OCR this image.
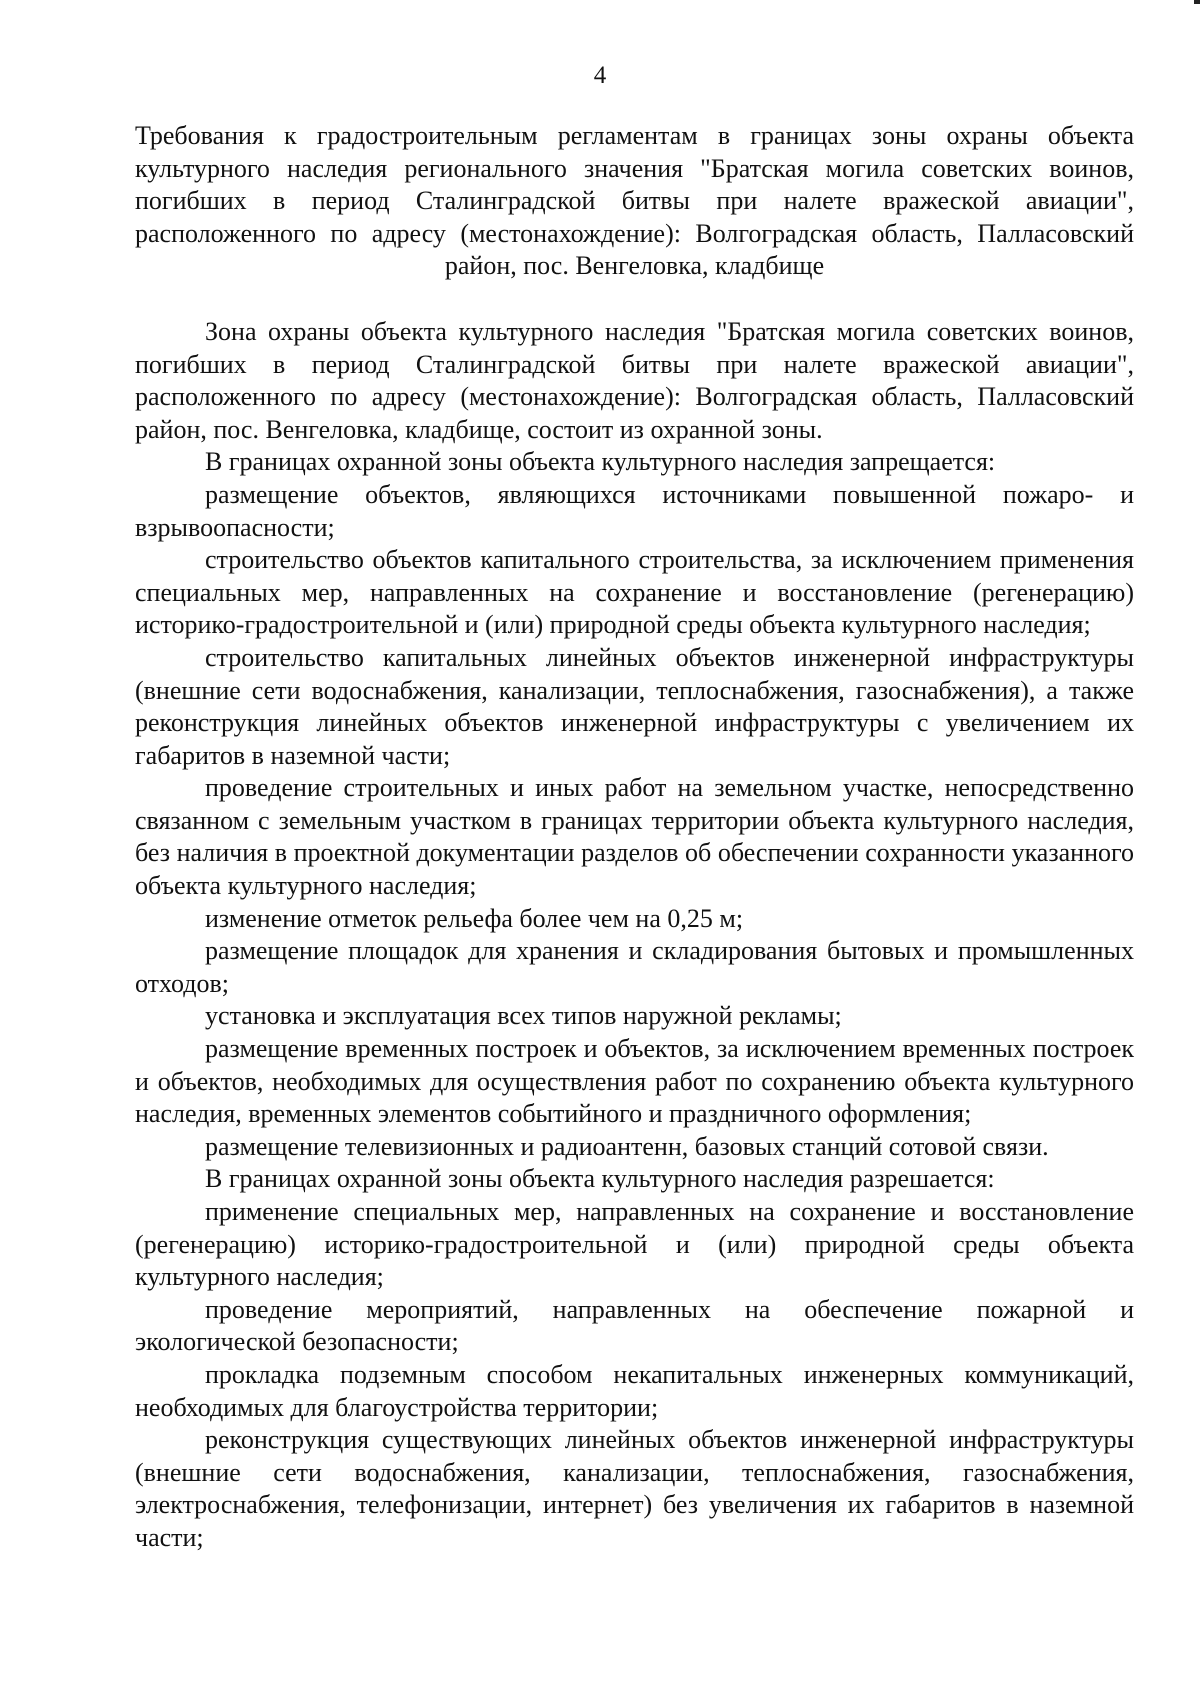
4

Требования к градостроительным регламентам в границах зоны охраны объекта культурного наследия регионального значения "Братская могила советских воинов, погибших в период Сталинградской битвы при налете вражеской авиации", расположенного по адресу (местонахождение): Волгоградская область, Палласовский район, пос. Венгеловка, кладбище

Зона охраны объекта культурного наследия "Братская могила советских воинов, погибших в период Сталинградской битвы при налете вражеской авиации", расположенного по адресу (местонахождение): Волгоградская область, Палласовский район, пос. Венгеловка, кладбище, состоит из охранной зоны.

В границах охранной зоны объекта культурного наследия запрещается:

размещение объектов, являющихся источниками повышенной пожаро- и взрывоопасности;

строительство объектов капитального строительства, за исключением применения специальных мер, направленных на сохранение и восстановление (регенерацию) историко-градостроительной и (или) природной среды объекта культурного наследия;

строительство капитальных линейных объектов инженерной инфраструктуры (внешние сети водоснабжения, канализации, теплоснабжения, газоснабжения), а также реконструкция линейных объектов инженерной инфраструктуры с увеличением их габаритов в наземной части;

проведение строительных и иных работ на земельном участке, непосредственно связанном с земельным участком в границах территории объекта культурного наследия, без наличия в проектной документации разделов об обеспечении сохранности указанного объекта культурного наследия;

изменение отметок рельефа более чем на 0,25 м;

размещение площадок для хранения и складирования бытовых и промышленных отходов;

установка и эксплуатация всех типов наружной рекламы;

размещение временных построек и объектов, за исключением временных построек и объектов, необходимых для осуществления работ по сохранению объекта культурного наследия, временных элементов событийного и праздничного оформления;

размещение телевизионных и радиоантенн, базовых станций сотовой связи.

В границах охранной зоны объекта культурного наследия разрешается:

применение специальных мер, направленных на сохранение и восстановление (регенерацию) историко-градостроительной и (или) природной среды объекта культурного наследия;

проведение мероприятий, направленных на обеспечение пожарной и экологической безопасности;

прокладка подземным способом некапитальных инженерных коммуникаций, необходимых для благоустройства территории;

реконструкция существующих линейных объектов инженерной инфраструктуры (внешние сети водоснабжения, канализации, теплоснабжения, газоснабжения, электроснабжения, телефонизации, интернет) без увеличения их габаритов в наземной части;
